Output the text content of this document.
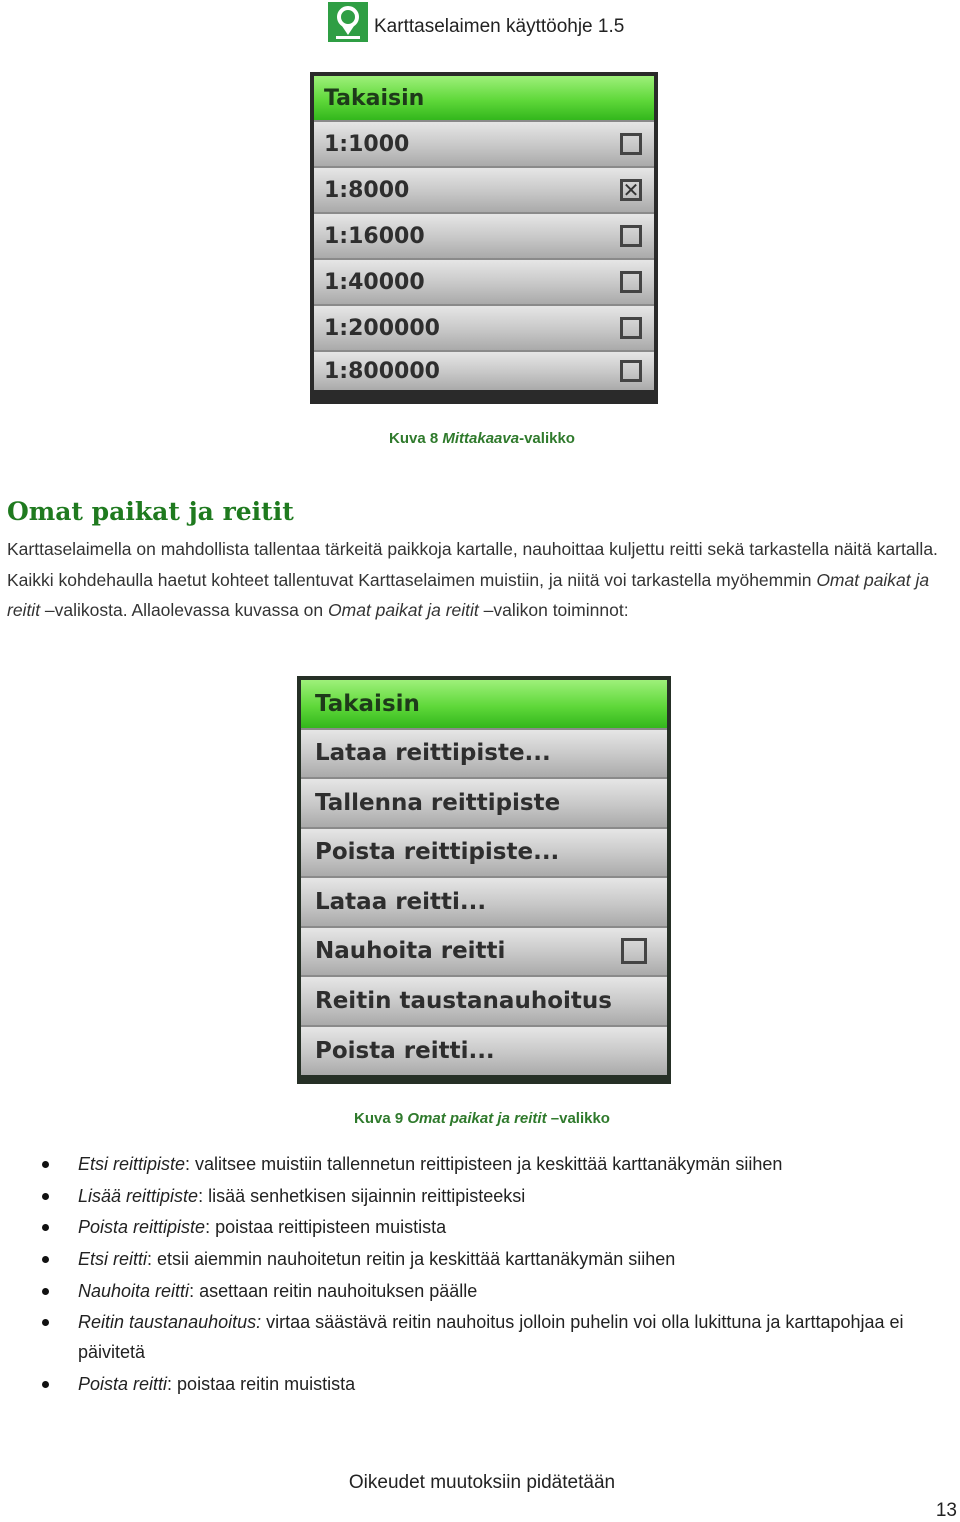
Karttaselaimen käyttöohje 1.5
Takaisin
1:1000
1:8000	✕
1:16000
1:40000
1:200000
1:800000
Kuva 8 Mittakaava-valikko
Omat paikat ja reitit
Karttaselaimella on mahdollista tallentaa tärkeitä paikkoja kartalle, nauhoittaa kuljettu reitti sekä tarkastella näitä kartalla. Kaikki kohdehaulla haetut kohteet tallentuvat Karttaselaimen muistiin, ja niitä voi tarkastella myöhemmin Omat paikat ja reitit –valikosta. Allaolevassa kuvassa on Omat paikat ja reitit –valikon toiminnot:
Takaisin
Lataa reittipiste...
Tallenna reittipiste
Poista reittipiste...
Lataa reitti...
Nauhoita reitti
Reitin taustanauhoitus
Poista reitti...
Kuva 9 Omat paikat ja reitit –valikko
Etsi reittipiste: valitsee muistiin tallennetun reittipisteen ja keskittää karttanäkymän siihen
Lisää reittipiste: lisää senhetkisen sijainnin reittipisteeksi
Poista reittipiste: poistaa reittipisteen muistista
Etsi reitti: etsii aiemmin nauhoitetun reitin ja keskittää karttanäkymän siihen
Nauhoita reitti: asettaan reitin nauhoituksen päälle
Reitin taustanauhoitus: virtaa säästävä reitin nauhoitus jolloin puhelin voi olla lukittuna ja karttapohjaa ei päivitetä
Poista reitti: poistaa reitin muistista
Oikeudet muutoksiin pidätetään
13
